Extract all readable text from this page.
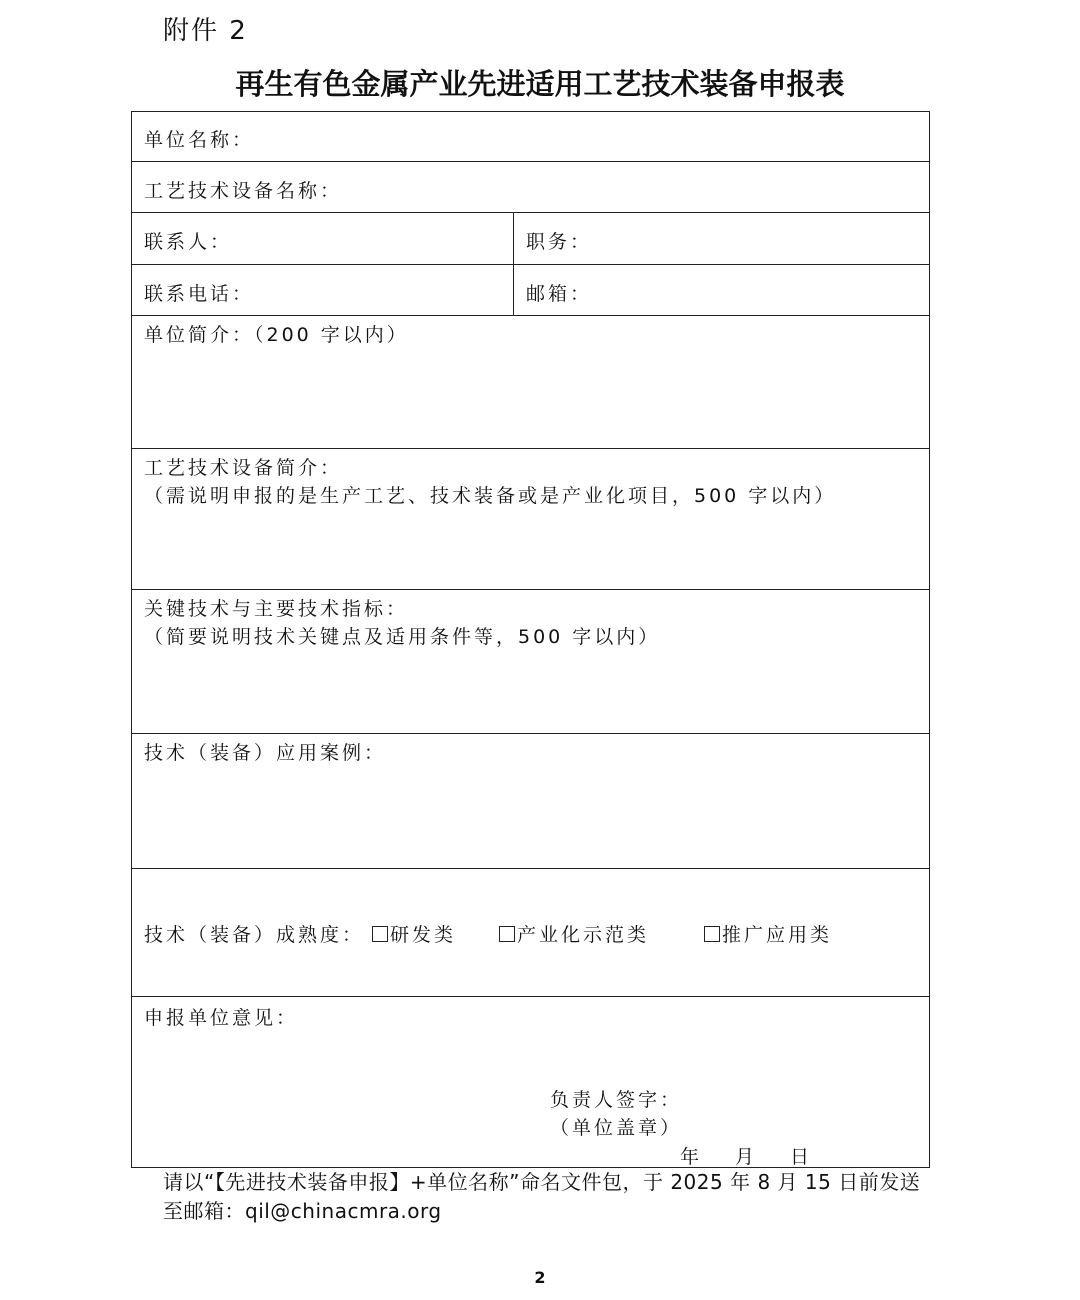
附件 2
再生有色金属产业先进适用工艺技术装备申报表
单位名称：
工艺技术设备名称：
联系人：	职务：
联系电话：	邮箱：
单位简介：（200 字以内）
工艺技术设备简介：
（需说明申报的是生产工艺、技术装备或是产业化项目，500 字以内）
关键技术与主要技术指标：
（简要说明技术关键点及适用条件等，500 字以内）
技术（装备）应用案例：
技术（装备）成熟度：	研发类	产业化示范类	推广应用类
申报单位意见：
负责人签字：
（单位盖章）
年 月 日
请以“【先进技术装备申报】+单位名称”命名文件包，于 2025 年 8 月 15 日前发送至邮箱：qil@chinacmra.org
2
